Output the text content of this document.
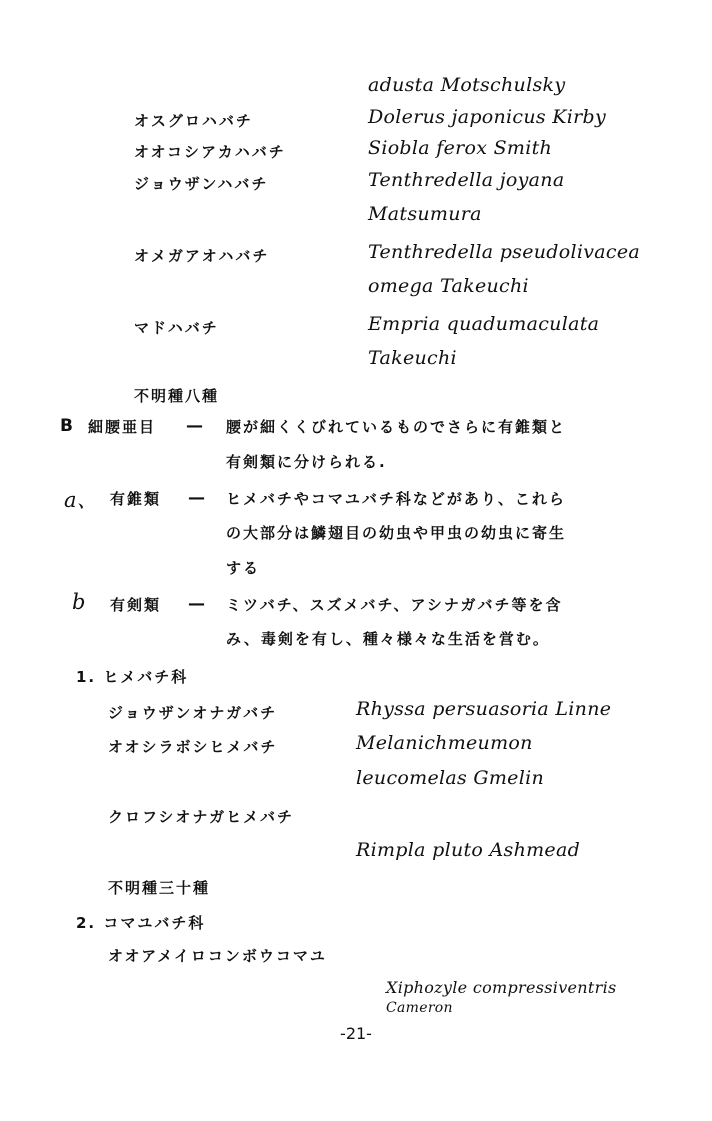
adusta Motschulsky
オスグロハバチ	Dolerus japonicus Kirby
オオコシアカハバチ	Siobla ferox Smith
ジョウザンハバチ	Tenthredella joyana
Matsumura
オメガアオハバチ	Tenthredella pseudolivacea
omega Takeuchi
マドハバチ	Empria quadumaculata
Takeuchi
不明種八種
B 細腰亜目 — 腰が細くくびれているものでさらに有錐類と
有剣類に分けられる.
a、 有錐類 — ヒメバチやコマユバチ科などがあり、これら
の大部分は鱗翅目の幼虫や甲虫の幼虫に寄生
する
b 有剣類 — ミツバチ、スズメバチ、アシナガバチ等を含
み、毒剣を有し、種々様々な生活を営む。
1. ヒメバチ科
ジョウザンオナガバチ	Rhyssa persuasoria Linne
オオシラボシヒメバチ	Melanichmeumon
leucomelas Gmelin
クロフシオナガヒメバチ
Rimpla pluto Ashmead
不明種三十種
2. コマユバチ科
オオアメイロコンボウコマユ
Xiphozyle compressiventris
Cameron
-21-
